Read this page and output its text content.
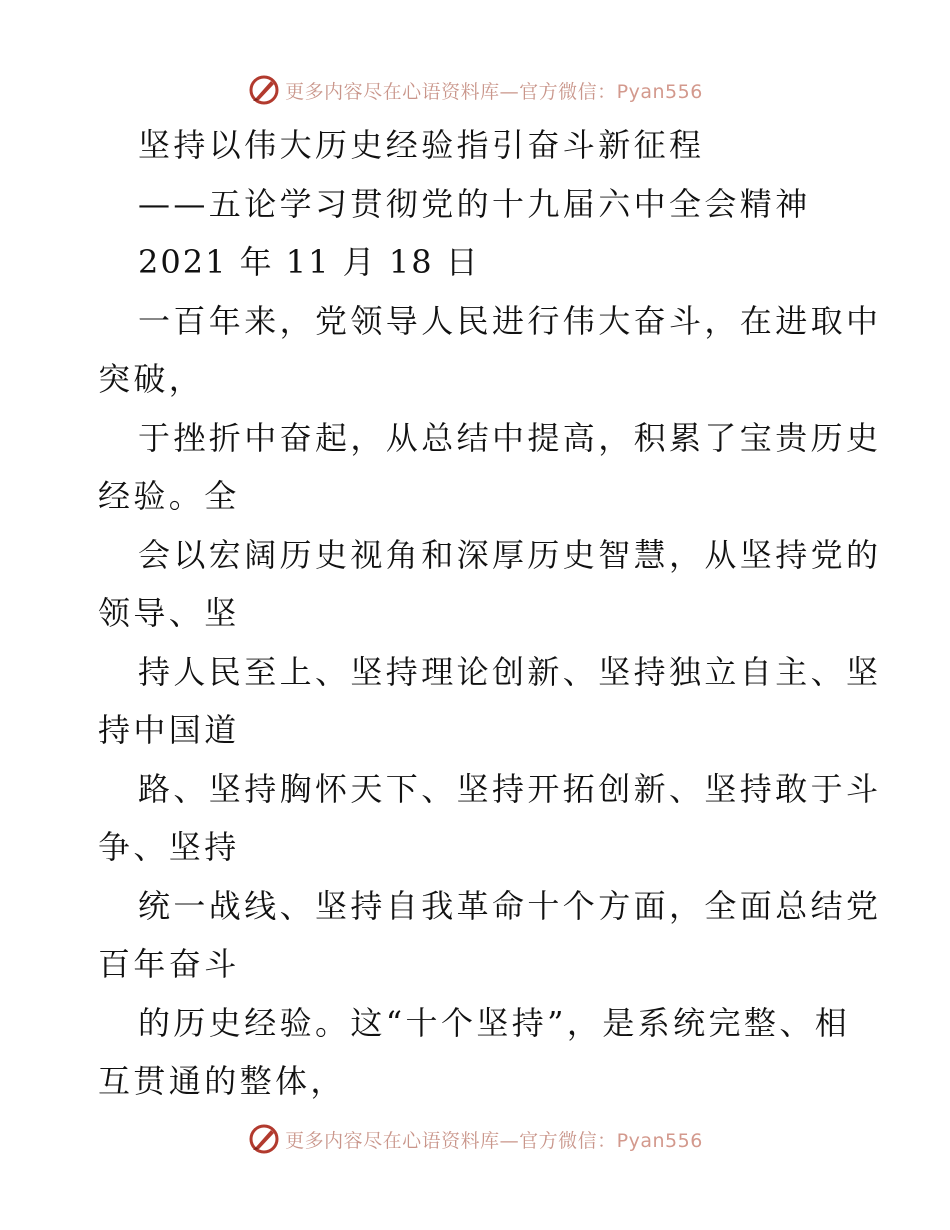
更多内容尽在心语资料库—官方微信：Pyan556
坚持以伟大历史经验指引奋斗新征程
——五论学习贯彻党的十九届六中全会精神
2021 年 11 月 18 日
一百年来，党领导人民进行伟大奋斗，在进取中
突破，
于挫折中奋起，从总结中提高，积累了宝贵历史
经验。全
会以宏阔历史视角和深厚历史智慧，从坚持党的
领导、坚
持人民至上、坚持理论创新、坚持独立自主、坚
持中国道
路、坚持胸怀天下、坚持开拓创新、坚持敢于斗
争、坚持
统一战线、坚持自我革命十个方面，全面总结党
百年奋斗
的历史经验。这“十个坚持”，是系统完整、相
互贯通的整体，
更多内容尽在心语资料库—官方微信：Pyan556
